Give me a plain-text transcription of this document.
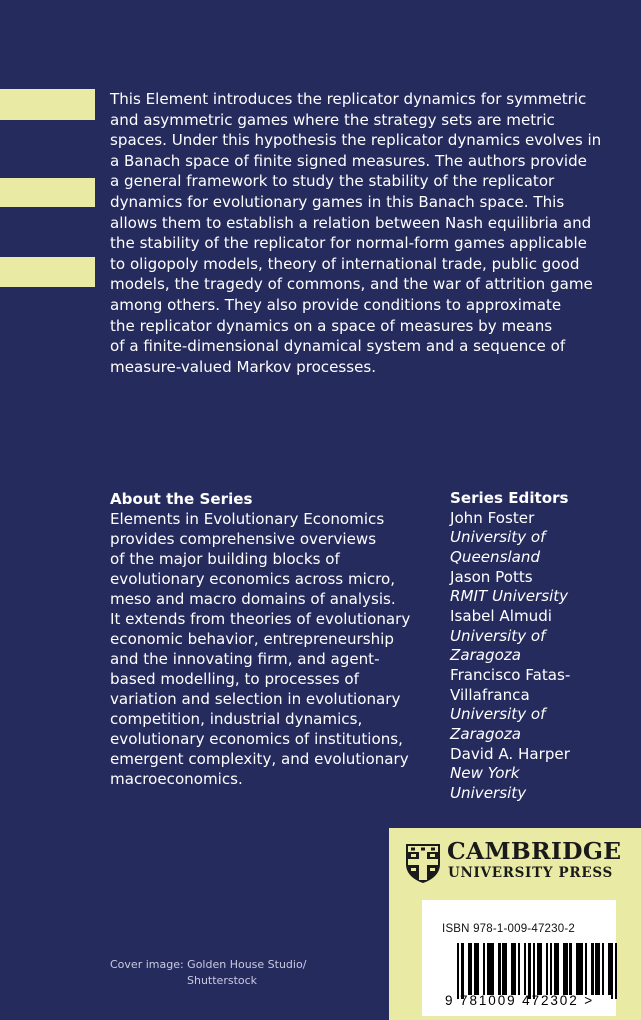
This Element introduces the replicator dynamics for symmetric
and asymmetric games where the strategy sets are metric
spaces. Under this hypothesis the replicator dynamics evolves in
a Banach space of finite signed measures. The authors provide
a general framework to study the stability of the replicator
dynamics for evolutionary games in this Banach space. This
allows them to establish a relation between Nash equilibria and
the stability of the replicator for normal-form games applicable
to oligopoly models, theory of international trade, public good
models, the tragedy of commons, and the war of attrition game
among others. They also provide conditions to approximate
the replicator dynamics on a space of measures by means
of a finite-dimensional dynamical system and a sequence of
measure-valued Markov processes.
About the Series
Elements in Evolutionary Economics
provides comprehensive overviews
of the major building blocks of
evolutionary economics across micro,
meso and macro domains of analysis.
It extends from theories of evolutionary
economic behavior, entrepreneurship
and the innovating firm, and agent-
based modelling, to processes of
variation and selection in evolutionary
competition, industrial dynamics,
evolutionary economics of institutions,
emergent complexity, and evolutionary
macroeconomics.
Series Editors
John Foster
University of
Queensland
Jason Potts
RMIT University
Isabel Almudi
University of
Zaragoza
Francisco Fatas-
Villafranca
University of
Zaragoza
David A. Harper
New York
University
Cover image: Golden House Studio/
Shutterstock
CAMBRIDGE
UNIVERSITY PRESS
ISBN 978-1-009-47230-2
9 781009 472302 >
